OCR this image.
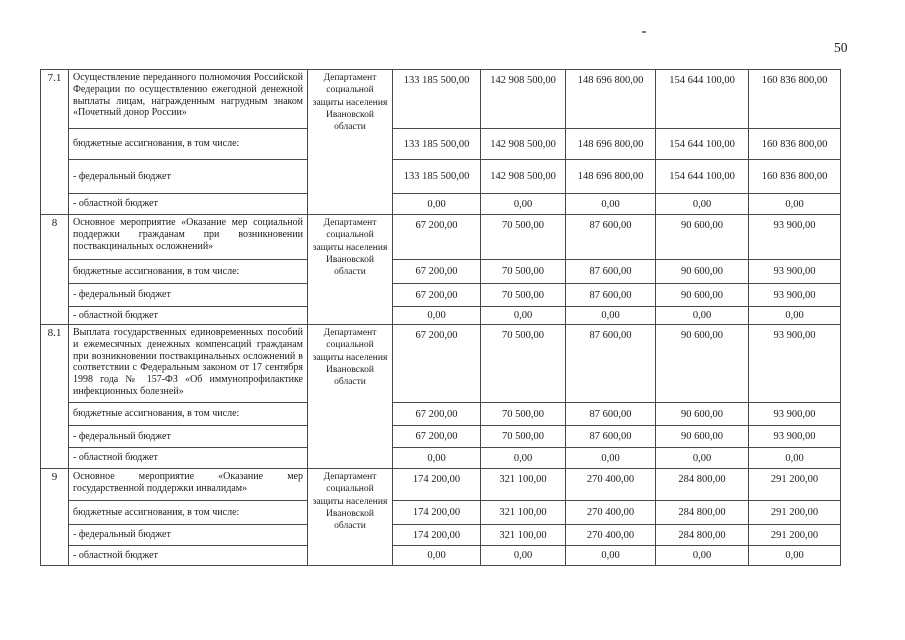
50
7.1	Осуществление переданного полномочия Российской Федерации по осуществлению ежегодной денежной выплаты лицам, награжденным нагрудным знаком «Почетный донор России»	Департамент социальной защиты населения Ивановской области	133 185 500,00	142 908 500,00	148 696 800,00	154 644 100,00	160 836 800,00
	бюджетные ассигнования, в том числе:		133 185 500,00	142 908 500,00	148 696 800,00	154 644 100,00	160 836 800,00
	- федеральный бюджет		133 185 500,00	142 908 500,00	148 696 800,00	154 644 100,00	160 836 800,00
	- областной бюджет		0,00	0,00	0,00	0,00	0,00
8	Основное мероприятие «Оказание мер социальной поддержки гражданам при возникновении поствакцинальных осложнений»	Департамент социальной защиты населения Ивановской области	67 200,00	70 500,00	87 600,00	90 600,00	93 900,00
	бюджетные ассигнования, в том числе:		67 200,00	70 500,00	87 600,00	90 600,00	93 900,00
	- федеральный бюджет		67 200,00	70 500,00	87 600,00	90 600,00	93 900,00
	- областной бюджет		0,00	0,00	0,00	0,00	0,00
8.1	Выплата государственных единовременных пособий и ежемесячных денежных компенсаций гражданам при возникновении поствакцинальных осложнений в соответствии с Федеральным законом от 17 сентября 1998 года № 157-ФЗ «Об иммунопрофилактике инфекционных болезней»	Департамент социальной защиты населения Ивановской области	67 200,00	70 500,00	87 600,00	90 600,00	93 900,00
	бюджетные ассигнования, в том числе:		67 200,00	70 500,00	87 600,00	90 600,00	93 900,00
	- федеральный бюджет		67 200,00	70 500,00	87 600,00	90 600,00	93 900,00
	- областной бюджет		0,00	0,00	0,00	0,00	0,00
9	Основное мероприятие «Оказание мер государственной поддержки инвалидам»	Департамент социальной защиты населения Ивановской области	174 200,00	321 100,00	270 400,00	284 800,00	291 200,00
	бюджетные ассигнования, в том числе:		174 200,00	321 100,00	270 400,00	284 800,00	291 200,00
	- федеральный бюджет		174 200,00	321 100,00	270 400,00	284 800,00	291 200,00
	- областной бюджет		0,00	0,00	0,00	0,00	0,00
